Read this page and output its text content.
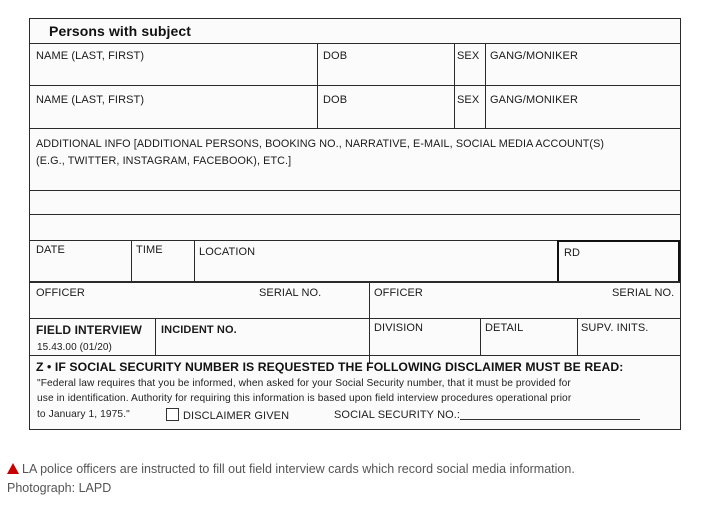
Persons with subject
NAME (LAST, FIRST)	DOB	SEX GANG/MONIKER
NAME (LAST, FIRST)	DOB	SEX GANG/MONIKER
ADDITIONAL INFO [ADDITIONAL PERSONS, BOOKING NO., NARRATIVE, E-MAIL, SOCIAL MEDIA ACCOUNT(S)
(E.G., TWITTER, INSTAGRAM, FACEBOOK), ETC.]
DATE	TIME	LOCATION	RD
OFFICER	SERIAL NO.	OFFICER	SERIAL NO.
FIELD INTERVIEW
15.43.00 (01/20)
INCIDENT NO.	DIVISION	DETAIL	SUPV. INITS.
Z • IF SOCIAL SECURITY NUMBER IS REQUESTED THE FOLLOWING DISCLAIMER MUST BE READ:
"Federal law requires that you be informed, when asked for your Social Security number, that it must be provided for
use in identification. Authority for requiring this information is based upon field interview procedures operational prior
to January 1, 1975."	DISCLAIMER GIVEN	SOCIAL SECURITY NO.:
LA police officers are instructed to fill out field interview cards which record social media information.
Photograph: LAPD
